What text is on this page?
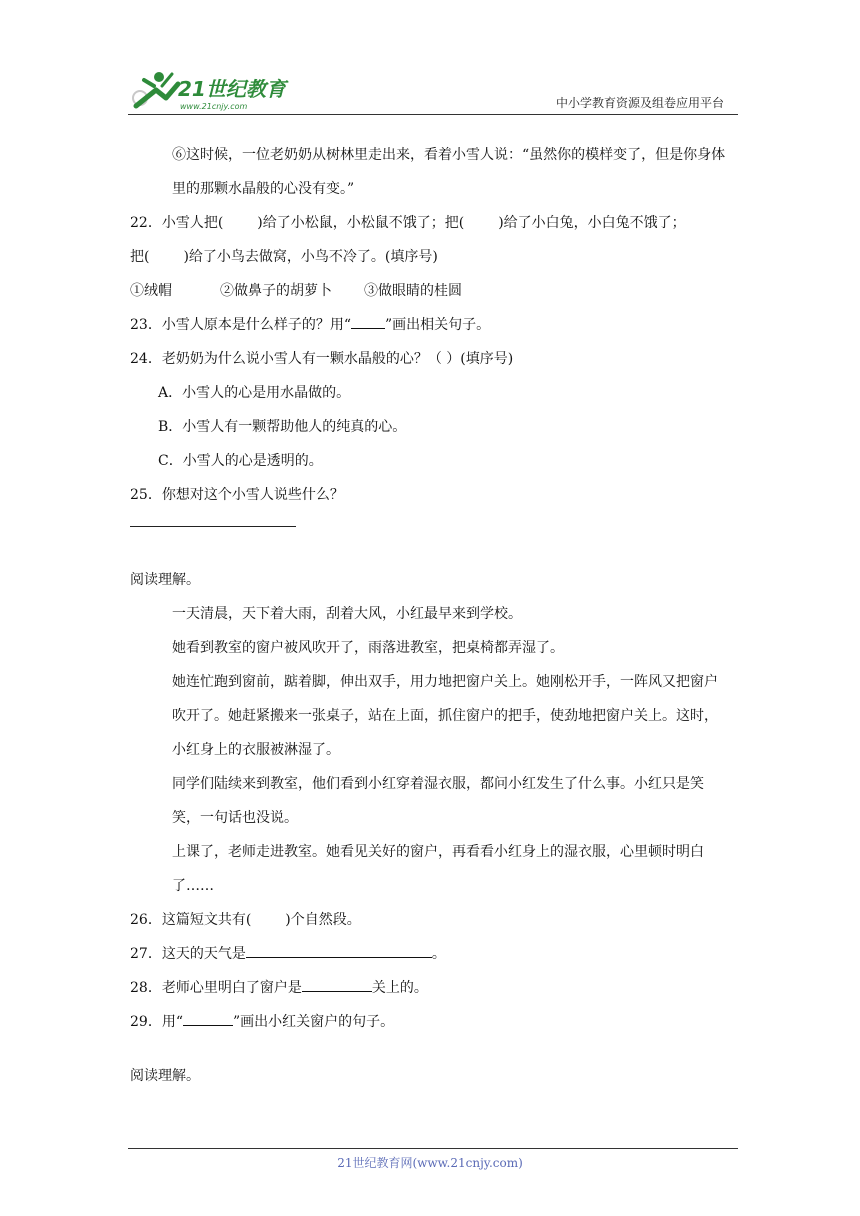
21世纪教育
www.21cnjy.com	中小学教育资源及组卷应用平台

⑥这时候，一位老奶奶从树林里走出来，看着小雪人说：“虽然你的模样变了，但是你身体里的那颗水晶般的心没有变。”

22．小雪人把( )给了小松鼠，小松鼠不饿了；把( )给了小白兔，小白兔不饿了；

把( )给了小鸟去做窝，小鸟不冷了。(填序号)

①绒帽	②做鼻子的胡萝卜 ③做眼睛的桂圆

23．小雪人原本是什么样子的？用“ ”画出相关句子。

24．老奶奶为什么说小雪人有一颗水晶般的心？（ ）(填序号)

A．小雪人的心是用水晶做的。

B．小雪人有一颗帮助他人的纯真的心。

C．小雪人的心是透明的。

25．你想对这个小雪人说些什么？

阅读理解。

一天清晨，天下着大雨，刮着大风，小红最早来到学校。

她看到教室的窗户被风吹开了，雨落进教室，把桌椅都弄湿了。

她连忙跑到窗前，踮着脚，伸出双手，用力地把窗户关上。她刚松开手，一阵风又把窗户吹开了。她赶紧搬来一张桌子，站在上面，抓住窗户的把手，使劲地把窗户关上。这时，小红身上的衣服被淋湿了。

同学们陆续来到教室，他们看到小红穿着湿衣服，都问小红发生了什么事。小红只是笑笑，一句话也没说。

上课了，老师走进教室。她看见关好的窗户，再看看小红身上的湿衣服，心里顿时明白了……

26．这篇短文共有( )个自然段。

27．这天的天气是	。

28．老师心里明白了窗户是	关上的。

29．用“	”画出小红关窗户的句子。

阅读理解。

21世纪教育网(www.21cnjy.com)
